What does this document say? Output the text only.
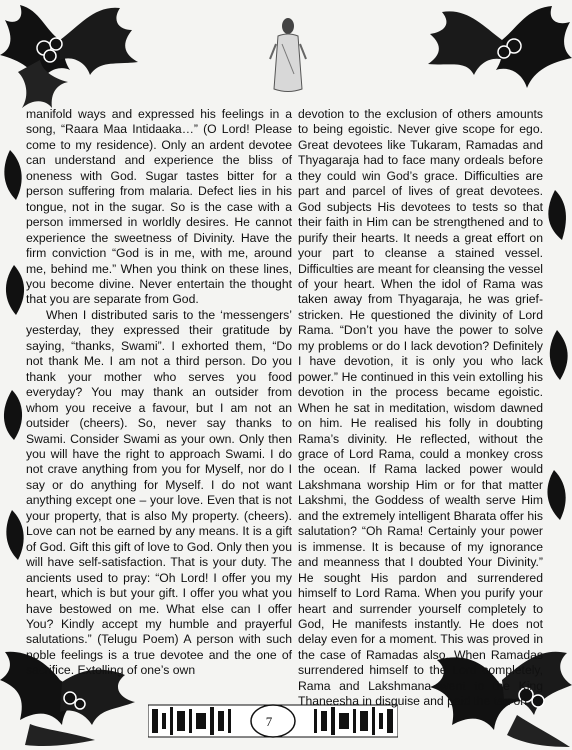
7

manifold ways and expressed his feelings in a song, “Raara Maa Intidaaka…” (O Lord! Please come to my residence). Only an ardent devotee can understand and experience the bliss of oneness with God. Sugar tastes bitter for a person suffering from malaria. Defect lies in his tongue, not in the sugar. So is the case with a person immersed in worldly desires. He cannot experience the sweetness of Divinity. Have the firm conviction “God is in me, with me, around me, behind me.” When you think on these lines, you become divine. Never entertain the thought that you are separate from God.

When I distributed saris to the ‘messengers’ yesterday, they expressed their gratitude by saying, “thanks, Swami”. I exhorted them, “Do not thank Me. I am not a third person. Do you thank your mother who serves you food everyday? You may thank an outsider from whom you receive a favour, but I am not an outsider (cheers). So, never say thanks to Swami. Consider Swami as your own. Only then you will have the right to approach Swami. I do not crave anything from you for Myself, nor do I say or do anything for Myself. I do not want anything except one – your love. Even that is not your property, that is also My property. (cheers). Love can not be earned by any means. It is a gift of God. Gift this gift of love to God. Only then you will have self-satisfaction. That is your duty. The ancients used to pray: “Oh Lord! I offer you my heart, which is but your gift. I offer you what you have bestowed on me. What else can I offer You? Kindly accept my humble and prayerful salutations.” (Telugu Poem) A person with such noble feelings is a true devotee and the one of sacrifice. Extolling of one’s own

devotion to the exclusion of others amounts to being egoistic. Never give scope for ego. Great devotees like Tukaram, Ramadas and Thyagaraja had to face many ordeals before they could win God’s grace. Difficulties are part and parcel of lives of great devotees. God subjects His devotees to tests so that their faith in Him can be strengthened and to purify their hearts. It needs a great effort on your part to cleanse a stained vessel. Difficulties are meant for cleansing the vessel of your heart. When the idol of Rama was taken away from Thyagaraja, he was grief-stricken. He questioned the divinity of Lord Rama. “Don’t you have the power to solve my problems or do I lack devotion? Definitely I have devotion, it is only you who lack power.” He continued in this vein extolling his devotion in the process became egoistic. When he sat in meditation, wisdom dawned on him. He realised his folly in doubting Rama’s divinity. He reflected, without the grace of Lord Rama, could a monkey cross the ocean. If Rama lacked power would Lakshmana worship Him or for that matter Lakshmi, the Goddess of wealth serve Him and the extremely intelligent Bharata offer his salutation? “Oh Rama! Certainly your power is immense. It is because of my ignorance and meanness that I doubted Your Divinity.” He sought His pardon and surrendered himself to Lord Rama. When you purify your heart and surrender yourself completely to God, He manifests instantly. He does not delay even for a moment. This was proved in the case of Ramadas also. When Ramadas surrendered himself to the Lord completely, Rama and Lakshmana went to the King Thaneesha in disguise and paid the tax on
